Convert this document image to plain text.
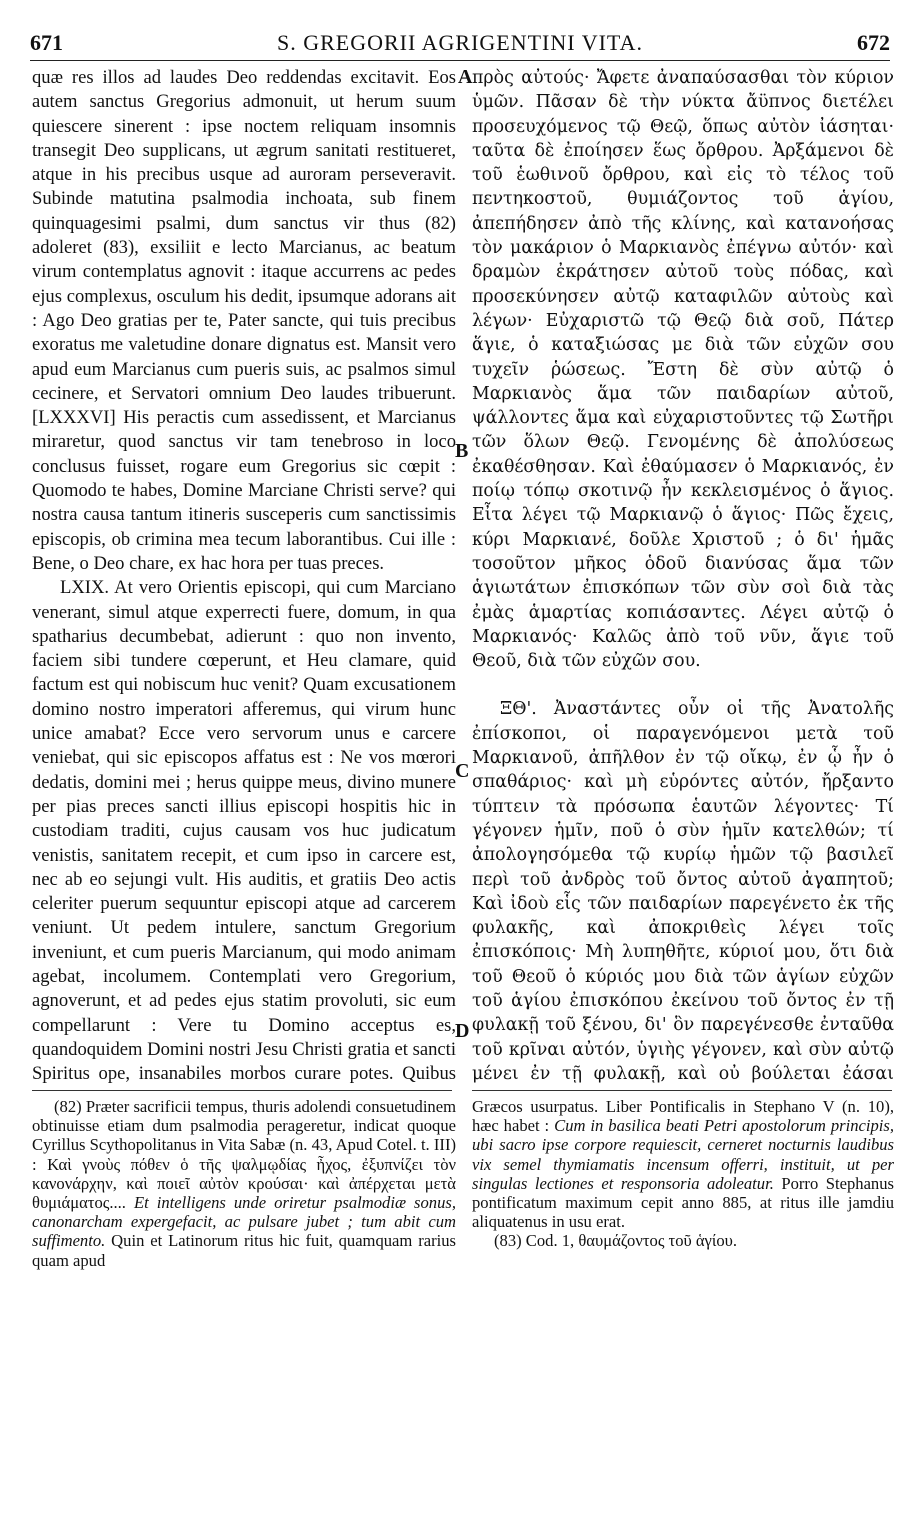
671	S. GREGORII AGRIGENTINI VITA.	672

quæ res illos ad laudes Deo reddendas excitavit. Eos autem sanctus Gregorius admonuit, ut herum suum quiescere sinerent : ipse noctem reliquam insomnis transegit Deo supplicans, ut ægrum sanitati restitueret, atque in his precibus usque ad auroram perseveravit. Subinde matutina psalmodia inchoata, sub finem quinquagesimi psalmi, dum sanctus vir thus (82) adoleret (83), exsiliit e lecto Marcianus, ac beatum virum contemplatus agnovit : itaque accurrens ac pedes ejus complexus, osculum his dedit, ipsumque adorans ait : Ago Deo gratias per te, Pater sancte, qui tuis precibus exoratus me valetudine donare dignatus est. Mansit vero apud eum Marcianus cum pueris suis, ac psalmos simul cecinere, et Servatori omnium Deo laudes tribuerunt. [LXXXVI] His peractis cum assedissent, et Marcianus miraretur, quod sanctus vir tam tenebroso in loco conclusus fuisset, rogare eum Gregorius sic cœpit : Quomodo te habes, Domine Marciane Christi serve? qui nostra causa tantum itineris susceperis cum sanctissimis episcopis, ob crimina mea tecum laborantibus. Cui ille : Bene, o Deo chare, ex hac hora per tuas preces.

LXIX. At vero Orientis episcopi, qui cum Marciano venerant, simul atque experrecti fuere, domum, in qua spatharius decumbebat, adierunt : quo non invento, faciem sibi tundere cœperunt, et Heu clamare, quid factum est qui nobiscum huc venit? Quam excusationem domino nostro imperatori afferemus, qui virum hunc unice amabat? Ecce vero servorum unus e carcere veniebat, qui sic episcopos affatus est : Ne vos mœrori dedatis, domini mei ; herus quippe meus, divino munere per pias preces sancti illius episcopi hospitis hic in custodiam traditi, cujus causam vos huc judicatum venistis, sanitatem recepit, et cum ipso in carcere est, nec ab eo sejungi vult. His auditis, et gratiis Deo actis celeriter puerum sequuntur episcopi atque ad carcerem veniunt. Ut pedem intulere, sanctum Gregorium inveniunt, et cum pueris Marcianum, qui modo animam agebat, incolumem. Contemplati vero Gregorium, agnoverunt, et ad pedes ejus statim provoluti, sic eum compellarunt : Vere tu Domino acceptus es, quandoquidem Domini nostri Jesu Christi gratia et sancti Spiritus ope, insanabiles morbos curare potes. Quibus

πρὸς αὐτούς· Ἄφετε ἀναπαύσασθαι τὸν κύριον ὑμῶν. Πᾶσαν δὲ τὴν νύκτα ἄϋπνος διετέλει προσευχόμενος τῷ Θεῷ, ὅπως αὐτὸν ἰάσηται· ταῦτα δὲ ἐποίησεν ἕως ὄρθρου. Ἀρξάμενοι δὲ τοῦ ἑωθινοῦ ὄρθρου, καὶ εἰς τὸ τέλος τοῦ πεντηκοστοῦ, θυμιάζοντος τοῦ ἁγίου, ἀπεπήδησεν ἀπὸ τῆς κλίνης, καὶ κατανοήσας τὸν μακάριον ὁ Μαρκιανὸς ἐπέγνω αὐτόν· καὶ δραμὼν ἐκράτησεν αὐτοῦ τοὺς πόδας, καὶ προσεκύνησεν αὐτῷ καταφιλῶν αὐτοὺς καὶ λέγων· Εὐχαριστῶ τῷ Θεῷ διὰ σοῦ, Πάτερ ἅγιε, ὁ καταξιώσας με διὰ τῶν εὐχῶν σου τυχεῖν ῥώσεως. Ἔστη δὲ σὺν αὐτῷ ὁ Μαρκιανὸς ἅμα τῶν παιδαρίων αὐτοῦ, ψάλλοντες ἅμα καὶ εὐχαριστοῦντες τῷ Σωτῆρι τῶν ὅλων Θεῷ. Γενομένης δὲ ἀπολύσεως ἐκαθέσθησαν. Καὶ ἐθαύμασεν ὁ Μαρκιανός, ἐν ποίῳ τόπῳ σκοτινῷ ἦν κεκλεισμένος ὁ ἅγιος. Εἶτα λέγει τῷ Μαρκιανῷ ὁ ἅγιος· Πῶς ἔχεις, κύρι Μαρκιανέ, δοῦλε Χριστοῦ ; ὁ δι' ἡμᾶς τοσοῦτον μῆκος ὁδοῦ διανύσας ἅμα τῶν ἁγιωτάτων ἐπισκόπων τῶν σὺν σοὶ διὰ τὰς ἐμὰς ἁμαρτίας κοπιάσαντες. Λέγει αὐτῷ ὁ Μαρκιανός· Καλῶς ἀπὸ τοῦ νῦν, ἅγιε τοῦ Θεοῦ, διὰ τῶν εὐχῶν σου.

ΞΘ'. Ἀναστάντες οὖν οἱ τῆς Ἀνατολῆς ἐπίσκοποι, οἱ παραγενόμενοι μετὰ τοῦ Μαρκιανοῦ, ἀπῆλθον ἐν τῷ οἴκῳ, ἐν ᾧ ἦν ὁ σπαθάριος· καὶ μὴ εὑρόντες αὐτόν, ἤρξαντο τύπτειν τὰ πρόσωπα ἑαυτῶν λέγοντες· Τί γέγονεν ἡμῖν, ποῦ ὁ σὺν ἡμῖν κατελθών; τί ἀπολογησόμεθα τῷ κυρίῳ ἡμῶν τῷ βασιλεῖ περὶ τοῦ ἀνδρὸς τοῦ ὄντος αὐτοῦ ἀγαπητοῦ; Καὶ ἰδοὺ εἷς τῶν παιδαρίων παρεγένετο ἐκ τῆς φυλακῆς, καὶ ἀποκριθεὶς λέγει τοῖς ἐπισκόποις· Μὴ λυπηθῆτε, κύριοί μου, ὅτι διὰ τοῦ Θεοῦ ὁ κύριός μου διὰ τῶν ἁγίων εὐχῶν τοῦ ἁγίου ἐπισκόπου ἐκείνου τοῦ ὄντος ἐν τῇ φυλακῇ τοῦ ξένου, δι' ὃν παρεγένεσθε ἐνταῦθα τοῦ κρῖναι αὐτόν, ὑγιὴς γέγονεν, καὶ σὺν αὐτῷ μένει ἐν τῇ φυλακῇ, καὶ οὐ βούλεται ἐάσαι

A
B
C
D

(82) Præter sacrificii tempus, thuris adolendi consuetudinem obtinuisse etiam dum psalmodia perageretur, indicat quoque Cyrillus Scythopolitanus in Vita Sabæ (n. 43, Apud Cotel. t. III) : Καὶ γνοὺς πόθεν ὁ τῆς ψαλμῳδίας ἦχος, ἐξυπνίζει τὸν κανονάρχην, καὶ ποιεῖ αὐτὸν κρούσαι· καὶ ἀπέρχεται μετὰ θυμιάματος.... Et intelligens unde oriretur psalmodiæ sonus, canonarcham expergefacit, ac pulsare jubet ; tum abit cum suffimento. Quin et Latinorum ritus hic fuit, quamquam rarius quam apud

Græcos usurpatus. Liber Pontificalis in Stephano V (n. 10), hæc habet : Cum in basilica beati Petri apostolorum principis, ubi sacro ipse corpore requiescit, cerneret nocturnis laudibus vix semel thymiamatis incensum offerri, instituit, ut per singulas lectiones et responsoria adoleatur. Porro Stephanus pontificatum maximum cepit anno 885, at ritus ille jamdiu aliquatenus in usu erat.

(83) Cod. 1, θαυμάζοντος τοῦ ἁγίου.
